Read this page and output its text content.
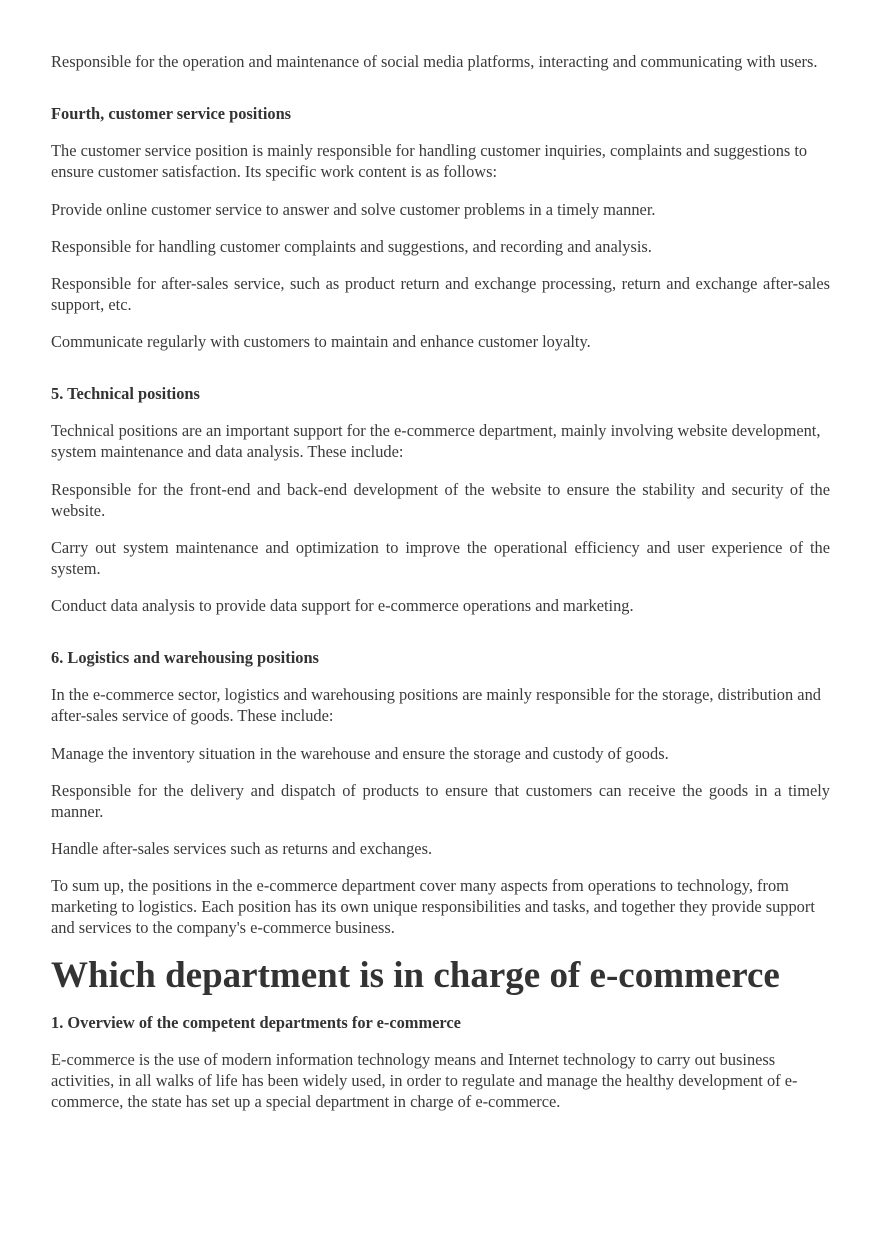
Responsible for the operation and maintenance of social media platforms, interacting and communicating with users.

Fourth, customer service positions

The customer service position is mainly responsible for handling customer inquiries, complaints and suggestions to ensure customer satisfaction. Its specific work content is as follows:

Provide online customer service to answer and solve customer problems in a timely manner.

Responsible for handling customer complaints and suggestions, and recording and analysis.

Responsible for after-sales service, such as product return and exchange processing, return and exchange after-sales support, etc.

Communicate regularly with customers to maintain and enhance customer loyalty.

5. Technical positions

Technical positions are an important support for the e-commerce department, mainly involving website development, system maintenance and data analysis. These include:

Responsible for the front-end and back-end development of the website to ensure the stability and security of the website.

Carry out system maintenance and optimization to improve the operational efficiency and user experience of the system.

Conduct data analysis to provide data support for e-commerce operations and marketing.

6. Logistics and warehousing positions

In the e-commerce sector, logistics and warehousing positions are mainly responsible for the storage, distribution and after-sales service of goods. These include:

Manage the inventory situation in the warehouse and ensure the storage and custody of goods.

Responsible for the delivery and dispatch of products to ensure that customers can receive the goods in a timely manner.

Handle after-sales services such as returns and exchanges.

To sum up, the positions in the e-commerce department cover many aspects from operations to technology, from marketing to logistics. Each position has its own unique responsibilities and tasks, and together they provide support and services to the company's e-commerce business.

Which department is in charge of e-commerce
1. Overview of the competent departments for e-commerce

E-commerce is the use of modern information technology means and Internet technology to carry out business activities, in all walks of life has been widely used, in order to regulate and manage the healthy development of e-commerce, the state has set up a special department in charge of e-commerce.
